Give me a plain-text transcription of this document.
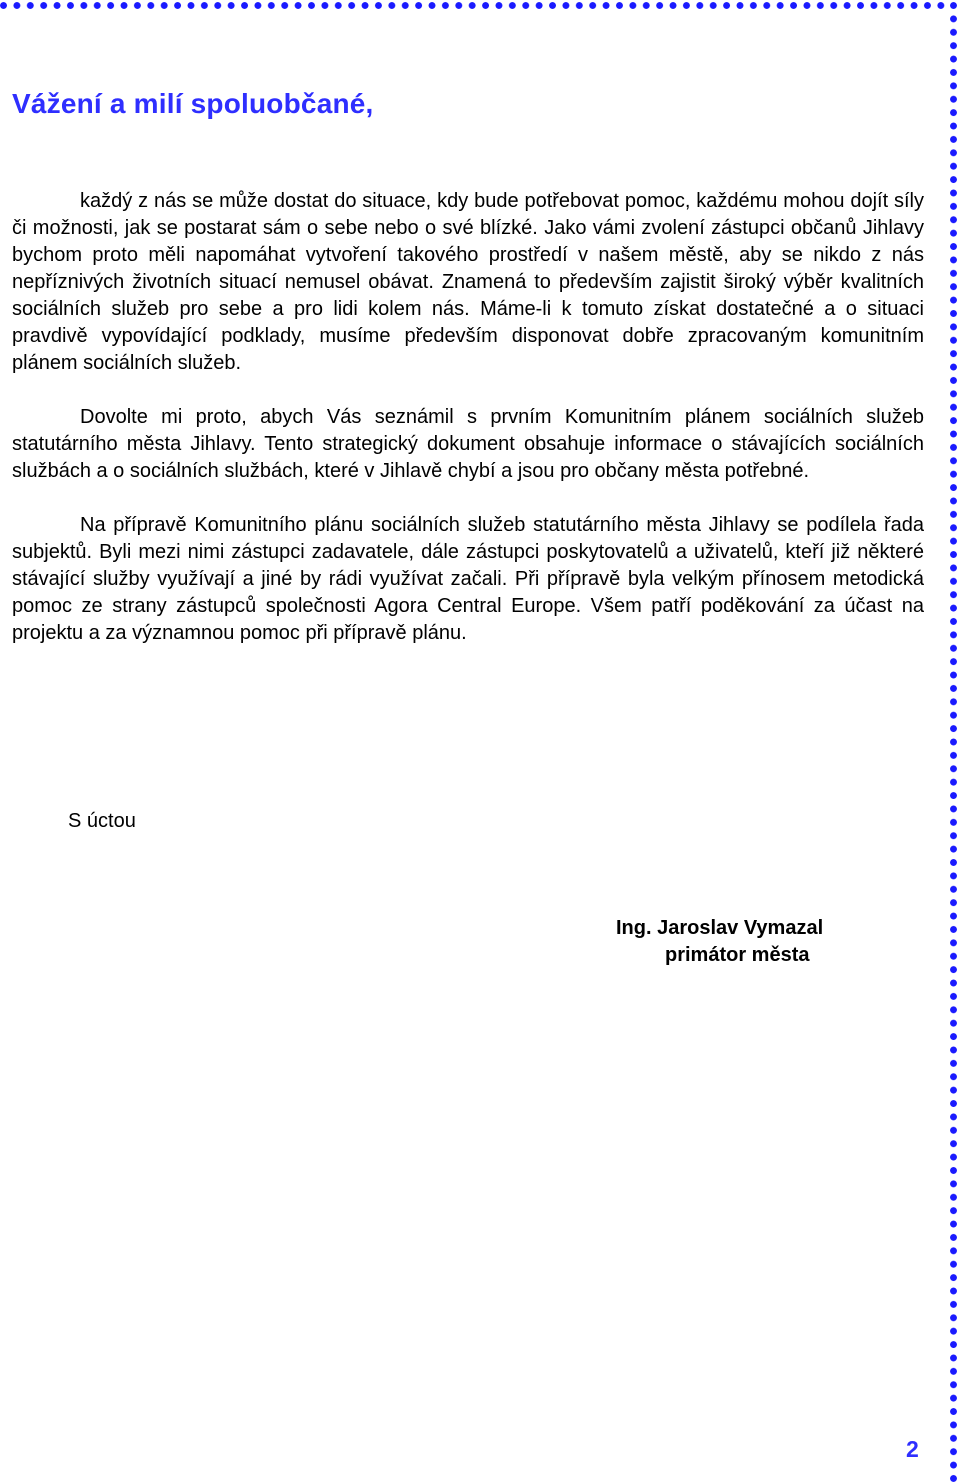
Vážení a milí spoluobčané,

každý z nás se může dostat do situace, kdy bude potřebovat pomoc, každému mohou dojít síly či možnosti, jak se postarat sám o sebe nebo o své blízké. Jako vámi zvolení zástupci občanů Jihlavy bychom proto měli napomáhat vytvoření takového prostředí v našem městě, aby se nikdo z nás nepříznivých životních situací nemusel obávat. Znamená to především zajistit široký výběr kvalitních sociálních služeb pro sebe a pro lidi kolem nás. Máme-li k tomuto získat dostatečné a o situaci pravdivě vypovídající podklady, musíme především disponovat dobře zpracovaným komunitním plánem sociálních služeb.

Dovolte mi proto, abych Vás seznámil s prvním Komunitním plánem sociálních služeb statutárního města Jihlavy. Tento strategický dokument obsahuje informace o stávajících sociálních službách a o sociálních službách, které v Jihlavě chybí a jsou pro občany města potřebné.

Na přípravě Komunitního plánu sociálních služeb statutárního města Jihlavy se podílela řada subjektů. Byli mezi nimi zástupci zadavatele, dále zástupci poskytovatelů a uživatelů, kteří již některé stávající služby využívají a jiné by rádi využívat začali. Při přípravě byla velkým přínosem metodická pomoc ze strany zástupců společnosti Agora Central Europe. Všem patří poděkování za účast na projektu a za významnou pomoc při přípravě plánu.

S úctou
Ing. Jaroslav Vymazal
primátor města
2
